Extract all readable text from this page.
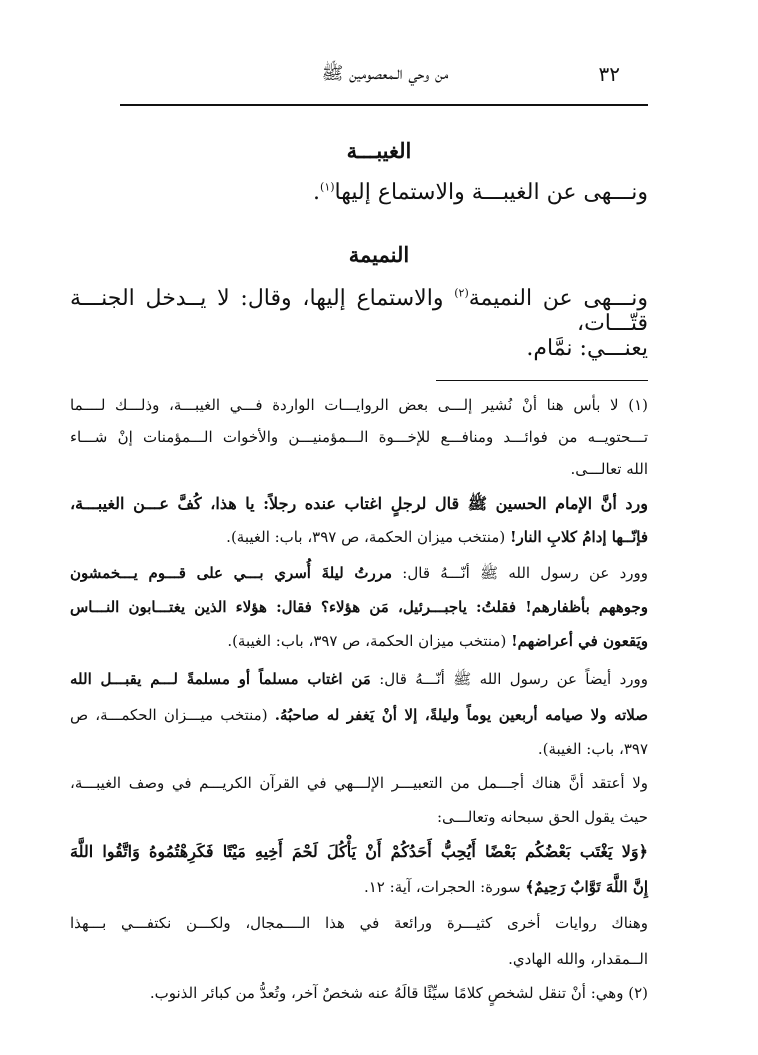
٣٢
من وحي الـمعصومين ﷺ
الغيبـــة
ونـــهى عن الغيبـــة والاستماع إليها$^{(١)}$.
النميمة
ونـــهى عن النميمة$^{(٢)}$ والاستماع إليها، وقال: لا يــدخل الجنـــة قتّـــات،
يعنـــي: نمَّام.
(١) لا بأس هنا أنْ نُشير إلـــى بعض الروايـــات الواردة فـــي الغيبـــة، وذلـــك لــــما
تـــحتويــه من فوائـــد ومنافـــع للإخـــوة الـــمؤمنيـــن والأخوات الـــمؤمنات إنْ شـــاء
الله تعالـــى.
ورد أنَّ الإمام الحسين ﷺ قال لرجلٍ اغتاب عنده رجلاً: يا هذا، كُفَّ عـــن الغيبـــة،
فإنّــها إدامُ كلابِ النار! (منتخب ميزان الحكمة، ص ٣٩٧، باب: الغيبة).
وورد عن رسول الله ﷺ أنّـــهُ قال: مررتُ ليلةَ أُسري بـــي على قـــوم يـــخمشون
وجوههم بأظفارهم! فقلتُ: ياجبـــرئيل، مَن هؤلاء؟ فقال: هؤلاء الذين يغتـــابون النـــاس
ويَقعون في أعراضهم! (منتخب ميزان الحكمة، ص ٣٩٧، باب: الغيبة).
وورد أيضاً عن رسول الله ﷺ أنّـــهُ قال: مَن اغتاب مسلماً أو مسلمةً لـــم يقبـــل الله
صلاته ولا صيامه أربعين يوماً وليلةً، إلا أنْ يَغفر له صاحبُهُ. (منتخب ميـــزان الحكمـــة، ص
٣٩٧، باب: الغيبة).
ولا أعتقد أنَّ هناك أجـــمل من التعبيـــر الإلـــهي في القرآن الكريـــم في وصف الغيبـــة،
حيث يقول الحق سبحانه وتعالـــى:
﴿وَلا يَغْتَب بَعْضُكُم بَعْضًا أَيُحِبُّ أَحَدُكُمْ أَنْ يَأْكُلَ لَحْمَ أَخِيهِ مَيْتًا فَكَرِهْتُمُوهُ وَاتَّقُوا اللَّهَ
إِنَّ اللَّهَ تَوَّابٌ رَحِيمٌ﴾ سورة: الحجرات، آية: ١٢.
وهناك روايات أخرى كثيـــرة ورائعة في هذا الــــمجال، ولكـــن نكتفـــي بـــهذا
الــمقدار، والله الهادي.
(٢) وهي: أنْ تنقل لشخصٍ كلامًا سيِّئًا قالَهُ عنه شخصٌ آخر، وتُعدُّ من كبائر الذنوب.
